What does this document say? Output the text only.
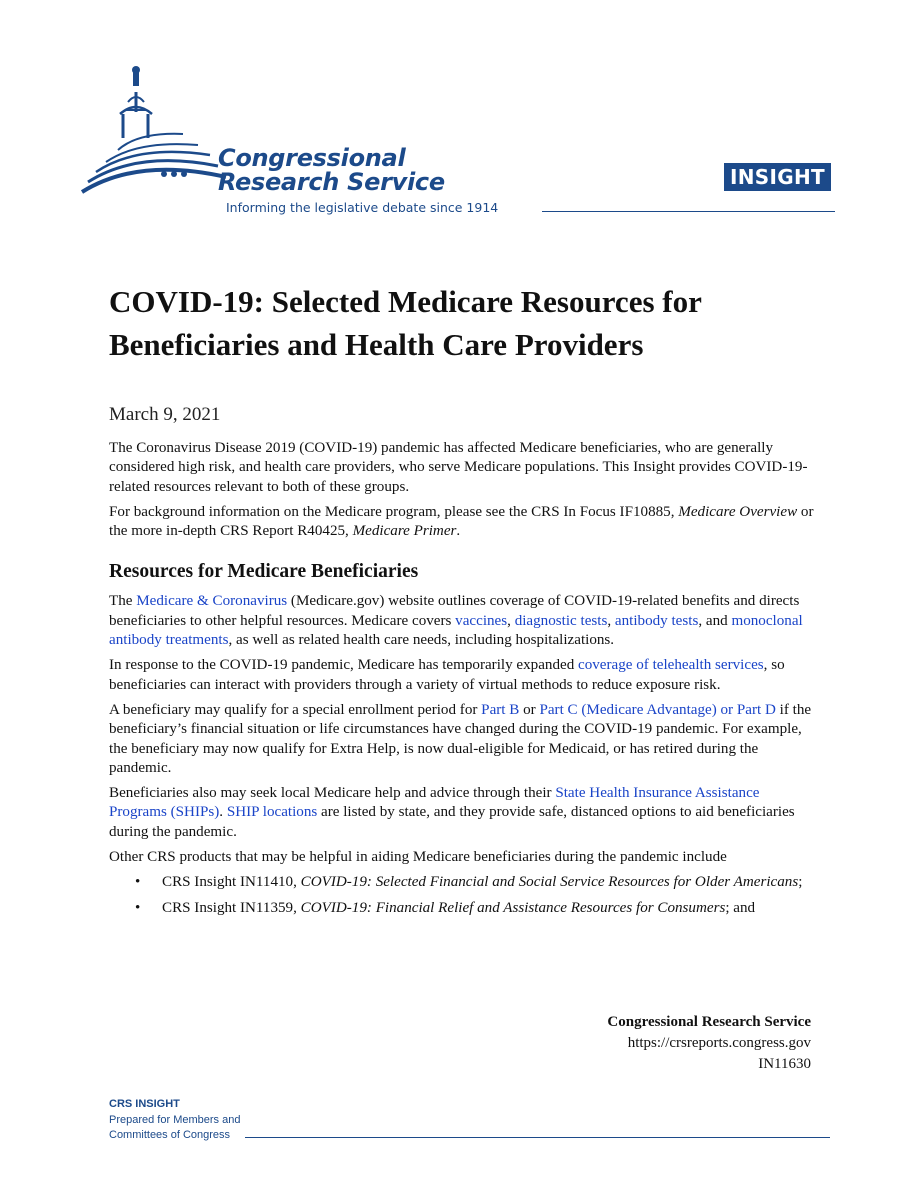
Congressional
Research Service
Informing the legislative debate since 1914
INSIGHT
COVID-19: Selected Medicare Resources for
Beneficiaries and Health Care Providers
March 9, 2021

The Coronavirus Disease 2019 (COVID-19) pandemic has affected Medicare beneficiaries, who are generally considered high risk, and health care providers, who serve Medicare populations. This Insight provides COVID-19-related resources relevant to both of these groups.

For background information on the Medicare program, please see the CRS In Focus IF10885, Medicare Overview or the more in-depth CRS Report R40425, Medicare Primer.

Resources for Medicare Beneficiaries

The Medicare & Coronavirus (Medicare.gov) website outlines coverage of COVID-19-related benefits and directs beneficiaries to other helpful resources. Medicare covers vaccines, diagnostic tests, antibody tests, and monoclonal antibody treatments, as well as related health care needs, including hospitalizations.

In response to the COVID-19 pandemic, Medicare has temporarily expanded coverage of telehealth services, so beneficiaries can interact with providers through a variety of virtual methods to reduce exposure risk.

A beneficiary may qualify for a special enrollment period for Part B or Part C (Medicare Advantage) or Part D if the beneficiary’s financial situation or life circumstances have changed during the COVID-19 pandemic. For example, the beneficiary may now qualify for Extra Help, is now dual-eligible for Medicaid, or has retired during the pandemic.

Beneficiaries also may seek local Medicare help and advice through their State Health Insurance Assistance Programs (SHIPs). SHIP locations are listed by state, and they provide safe, distanced options to aid beneficiaries during the pandemic.

Other CRS products that may be helpful in aiding Medicare beneficiaries during the pandemic include

• CRS Insight IN11410, COVID-19: Selected Financial and Social Service Resources for Older Americans;
• CRS Insight IN11359, COVID-19: Financial Relief and Assistance Resources for Consumers; and
Congressional Research Service
https://crsreports.congress.gov
IN11630
CRS INSIGHT
Prepared for Members and
Committees of Congress
